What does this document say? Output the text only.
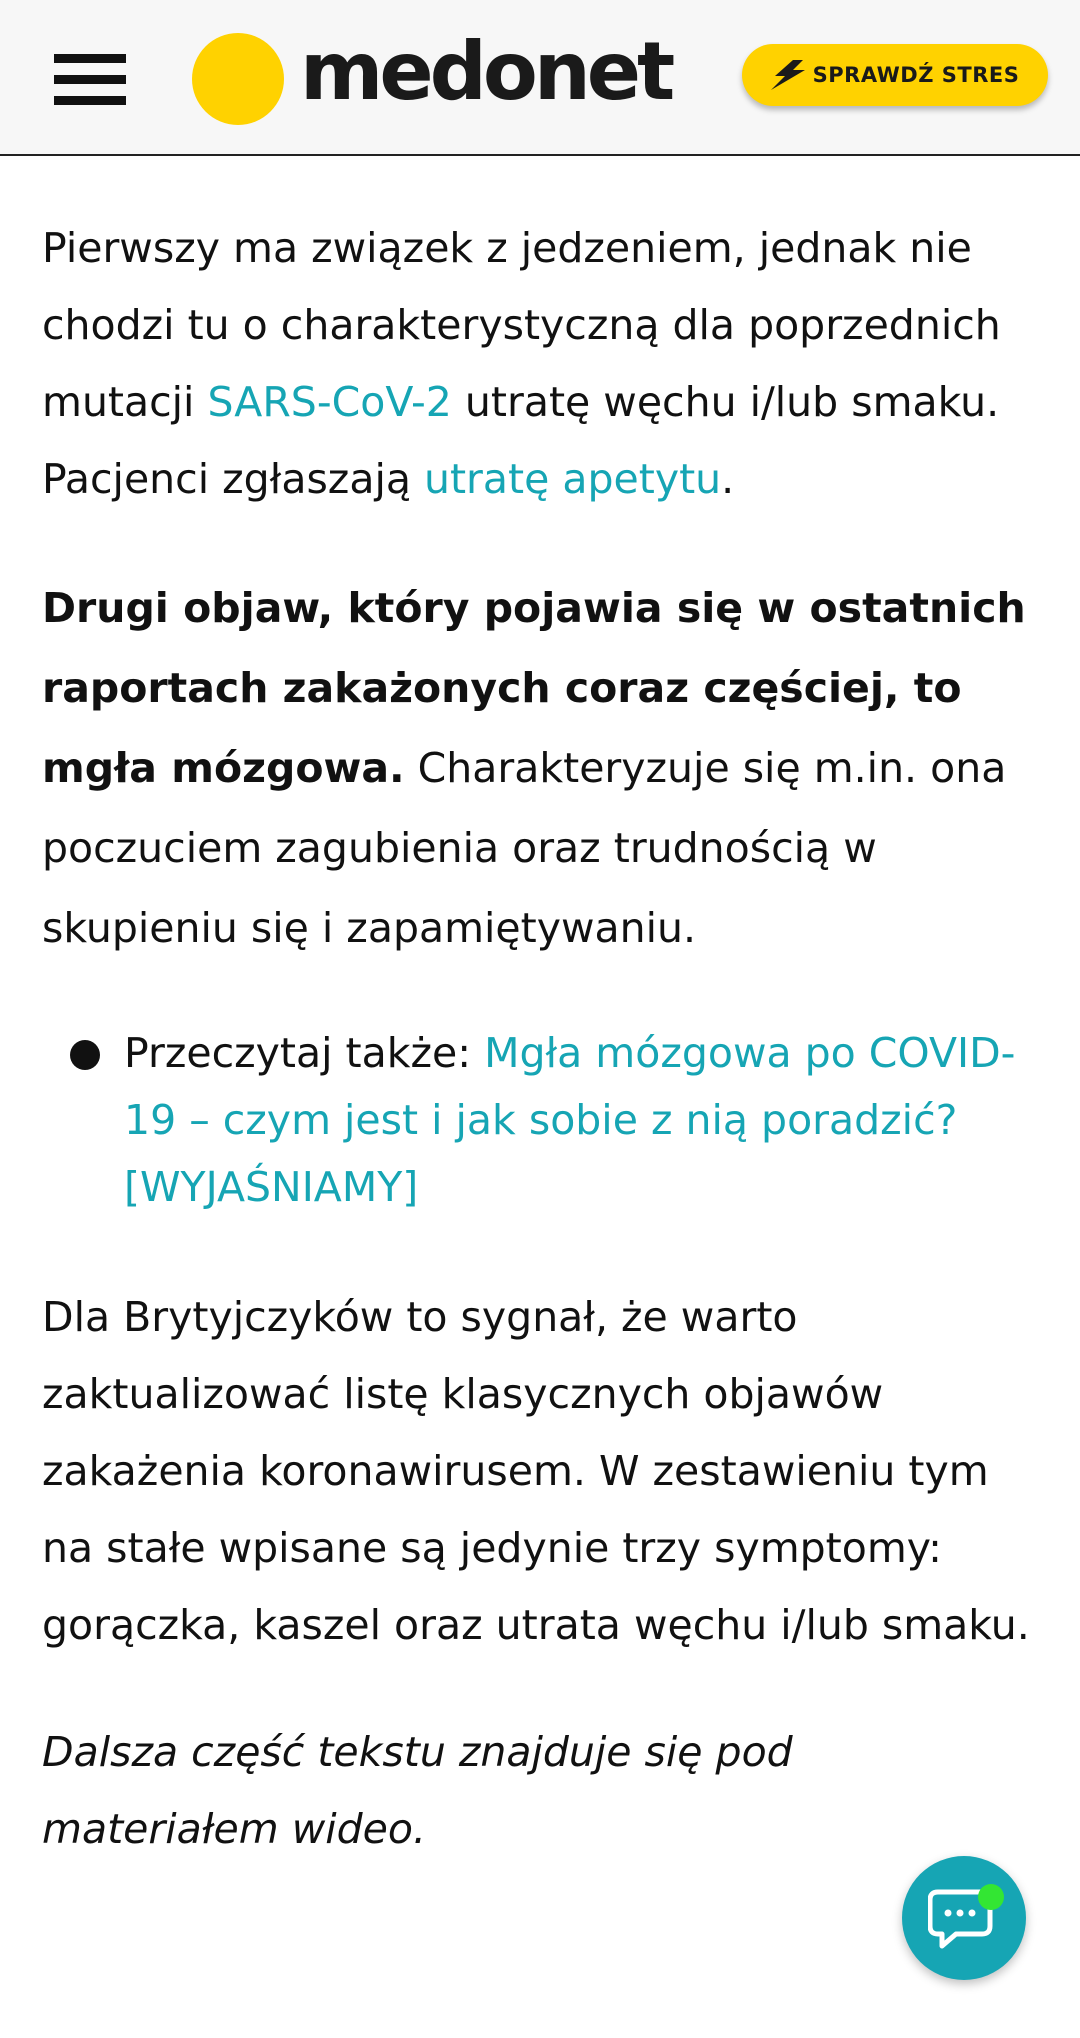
medonet	SPRAWDŹ STRES

Pierwszy ma związek z jedzeniem, jednak nie chodzi tu o charakterystyczną dla poprzednich mutacji SARS-CoV-2 utratę węchu i/lub smaku. Pacjenci zgłaszają utratę apetytu.

Drugi objaw, który pojawia się w ostatnich raportach zakażonych coraz częściej, to mgła mózgowa. Charakteryzuje się m.in. ona poczuciem zagubienia oraz trudnością w skupieniu się i zapamiętywaniu.

Przeczytaj także: Mgła mózgowa po COVID-19 – czym jest i jak sobie z nią poradzić? [WYJAŚNIAMY]

Dla Brytyjczyków to sygnał, że warto zaktualizować listę klasycznych objawów zakażenia koronawirusem. W zestawieniu tym na stałe wpisane są jedynie trzy symptomy: gorączka, kaszel oraz utrata węchu i/lub smaku.

Dalsza część tekstu znajduje się pod materiałem wideo.
